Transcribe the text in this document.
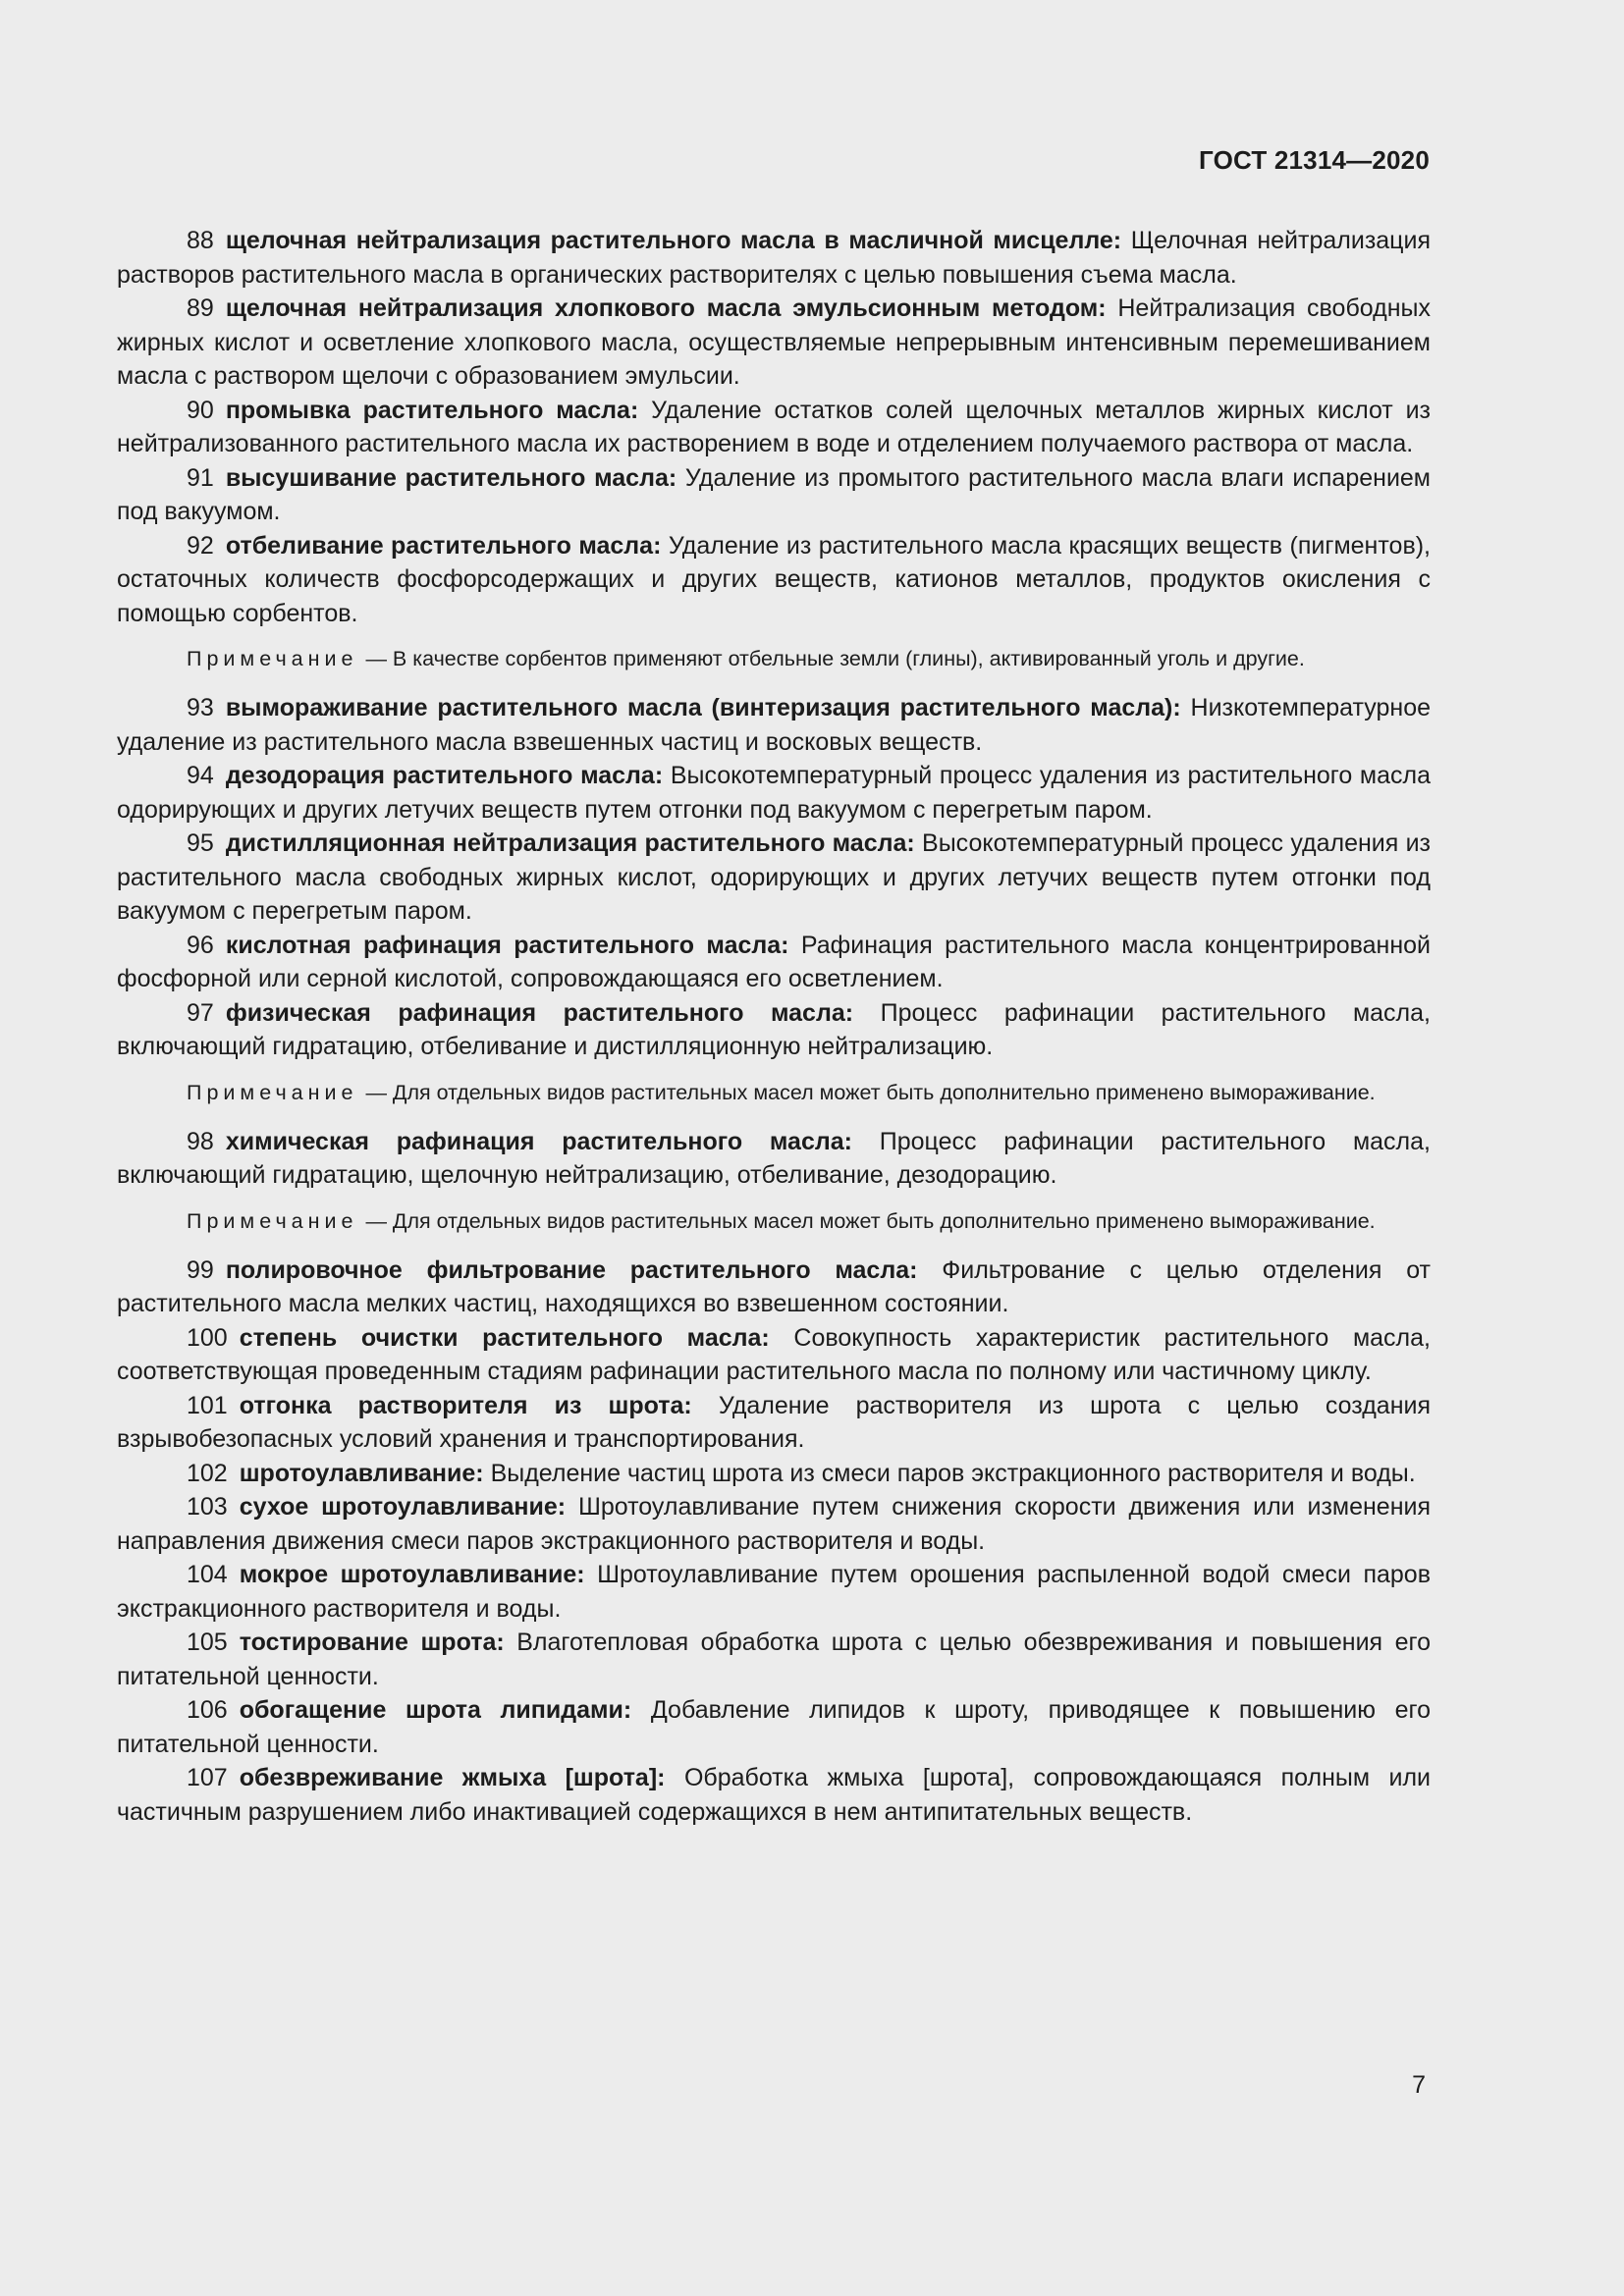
ГОСТ 21314—2020

88 щелочная нейтрализация растительного масла в масличной мисцелле: Щелочная нейтрализация растворов растительного масла в органических растворителях с целью повышения съема масла.

89 щелочная нейтрализация хлопкового масла эмульсионным методом: Нейтрализация свободных жирных кислот и осветление хлопкового масла, осуществляемые непрерывным интенсивным перемешиванием масла с раствором щелочи с образованием эмульсии.

90 промывка растительного масла: Удаление остатков солей щелочных металлов жирных кислот из нейтрализованного растительного масла их растворением в воде и отделением получаемого раствора от масла.

91 высушивание растительного масла: Удаление из промытого растительного масла влаги испарением под вакуумом.

92 отбеливание растительного масла: Удаление из растительного масла красящих веществ (пигментов), остаточных количеств фосфорсодержащих и других веществ, катионов металлов, продуктов окисления с помощью сорбентов.

Примечание — В качестве сорбентов применяют отбельные земли (глины), активированный уголь и другие.

93 вымораживание растительного масла (винтеризация растительного масла): Низкотемпературное удаление из растительного масла взвешенных частиц и восковых веществ.

94 дезодорация растительного масла: Высокотемпературный процесс удаления из растительного масла одорирующих и других летучих веществ путем отгонки под вакуумом с перегретым паром.

95 дистилляционная нейтрализация растительного масла: Высокотемпературный процесс удаления из растительного масла свободных жирных кислот, одорирующих и других летучих веществ путем отгонки под вакуумом с перегретым паром.

96 кислотная рафинация растительного масла: Рафинация растительного масла концентрированной фосфорной или серной кислотой, сопровождающаяся его осветлением.

97 физическая рафинация растительного масла: Процесс рафинации растительного масла, включающий гидратацию, отбеливание и дистилляционную нейтрализацию.

Примечание — Для отдельных видов растительных масел может быть дополнительно применено вымораживание.

98 химическая рафинация растительного масла: Процесс рафинации растительного масла, включающий гидратацию, щелочную нейтрализацию, отбеливание, дезодорацию.

Примечание — Для отдельных видов растительных масел может быть дополнительно применено вымораживание.

99 полировочное фильтрование растительного масла: Фильтрование с целью отделения от растительного масла мелких частиц, находящихся во взвешенном состоянии.

100 степень очистки растительного масла: Совокупность характеристик растительного масла, соответствующая проведенным стадиям рафинации растительного масла по полному или частичному циклу.

101 отгонка растворителя из шрота: Удаление растворителя из шрота с целью создания взрывобезопасных условий хранения и транспортирования.

102 шротоулавливание: Выделение частиц шрота из смеси паров экстракционного растворителя и воды.

103 сухое шротоулавливание: Шротоулавливание путем снижения скорости движения или изменения направления движения смеси паров экстракционного растворителя и воды.

104 мокрое шротоулавливание: Шротоулавливание путем орошения распыленной водой смеси паров экстракционного растворителя и воды.

105 тостирование шрота: Влаготепловая обработка шрота с целью обезвреживания и повышения его питательной ценности.

106 обогащение шрота липидами: Добавление липидов к шроту, приводящее к повышению его питательной ценности.

107 обезвреживание жмыха [шрота]: Обработка жмыха [шрота], сопровождающаяся полным или частичным разрушением либо инактивацией содержащихся в нем антипитательных веществ.

7
